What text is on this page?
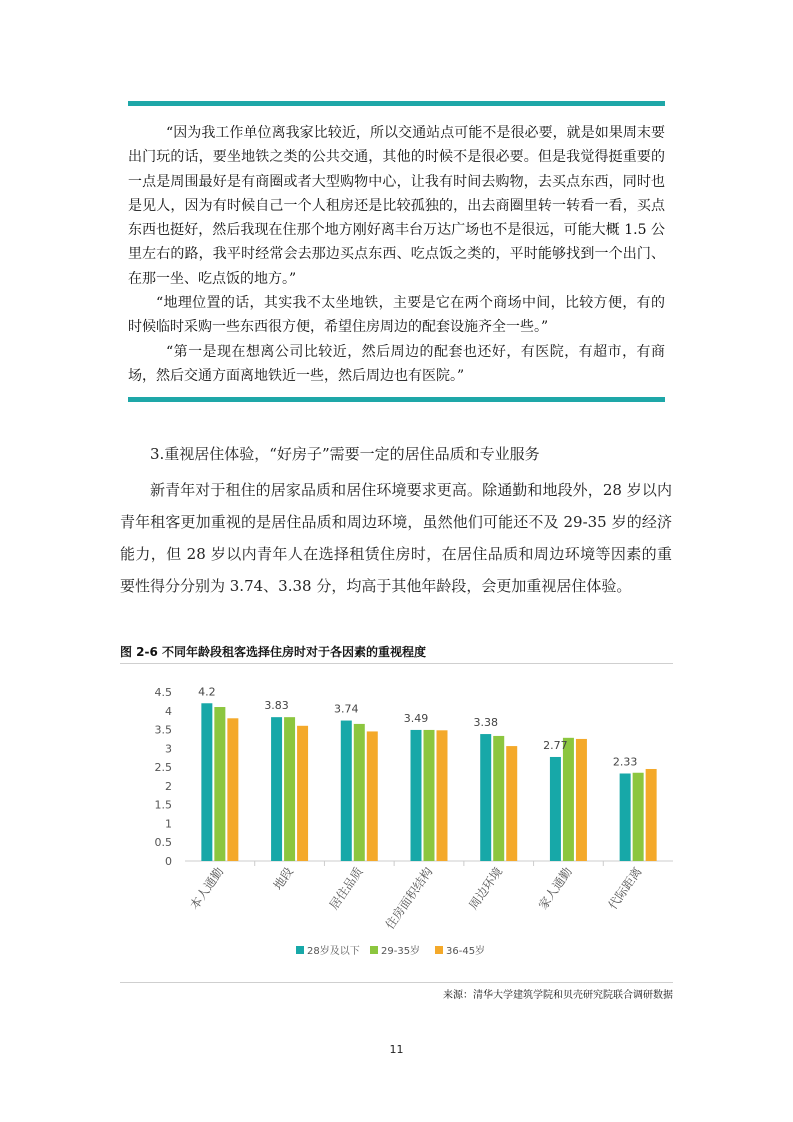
“因为我工作单位离我家比较近，所以交通站点可能不是很必要，就是如果周末要出门玩的话，要坐地铁之类的公共交通，其他的时候不是很必要。但是我觉得挺重要的一点是周围最好是有商圈或者大型购物中心，让我有时间去购物，去买点东西，同时也是见人，因为有时候自己一个人租房还是比较孤独的，出去商圈里转一转看一看，买点东西也挺好，然后我现在住那个地方刚好离丰台万达广场也不是很远，可能大概 1.5 公里左右的路，我平时经常会去那边买点东西、吃点饭之类的，平时能够找到一个出门、在那一坐、吃点饭的地方。”

“地理位置的话，其实我不太坐地铁，主要是它在两个商场中间，比较方便，有的时候临时采购一些东西很方便，希望住房周边的配套设施齐全一些。”

“第一是现在想离公司比较近，然后周边的配套也还好，有医院，有超市，有商场，然后交通方面离地铁近一些，然后周边也有医院。”

3.重视居住体验，“好房子”需要一定的居住品质和专业服务

新青年对于租住的居家品质和居住环境要求更高。除通勤和地段外，28 岁以内青年租客更加重视的是居住品质和周边环境，虽然他们可能还不及 29-35 岁的经济能力，但 28 岁以内青年人在选择租赁住房时，在居住品质和周边环境等因素的重要性得分分别为 3.74、3.38 分，均高于其他年龄段，会更加重视居住体验。

图 2-6 不同年龄段租客选择住房时对于各因素的重视程度
0
0.5
1
1.5
2
2.5
3
3.5
4
4.5 4.2
3.83	3.74
3.49	3.38
2.77
2.33
本人通勤	地段	居住品质 住房面积结构	周边环境	家人通勤	代际距离
28岁及以下 29-35岁	36-45岁
来源：清华大学建筑学院和贝壳研究院联合调研数据
11
